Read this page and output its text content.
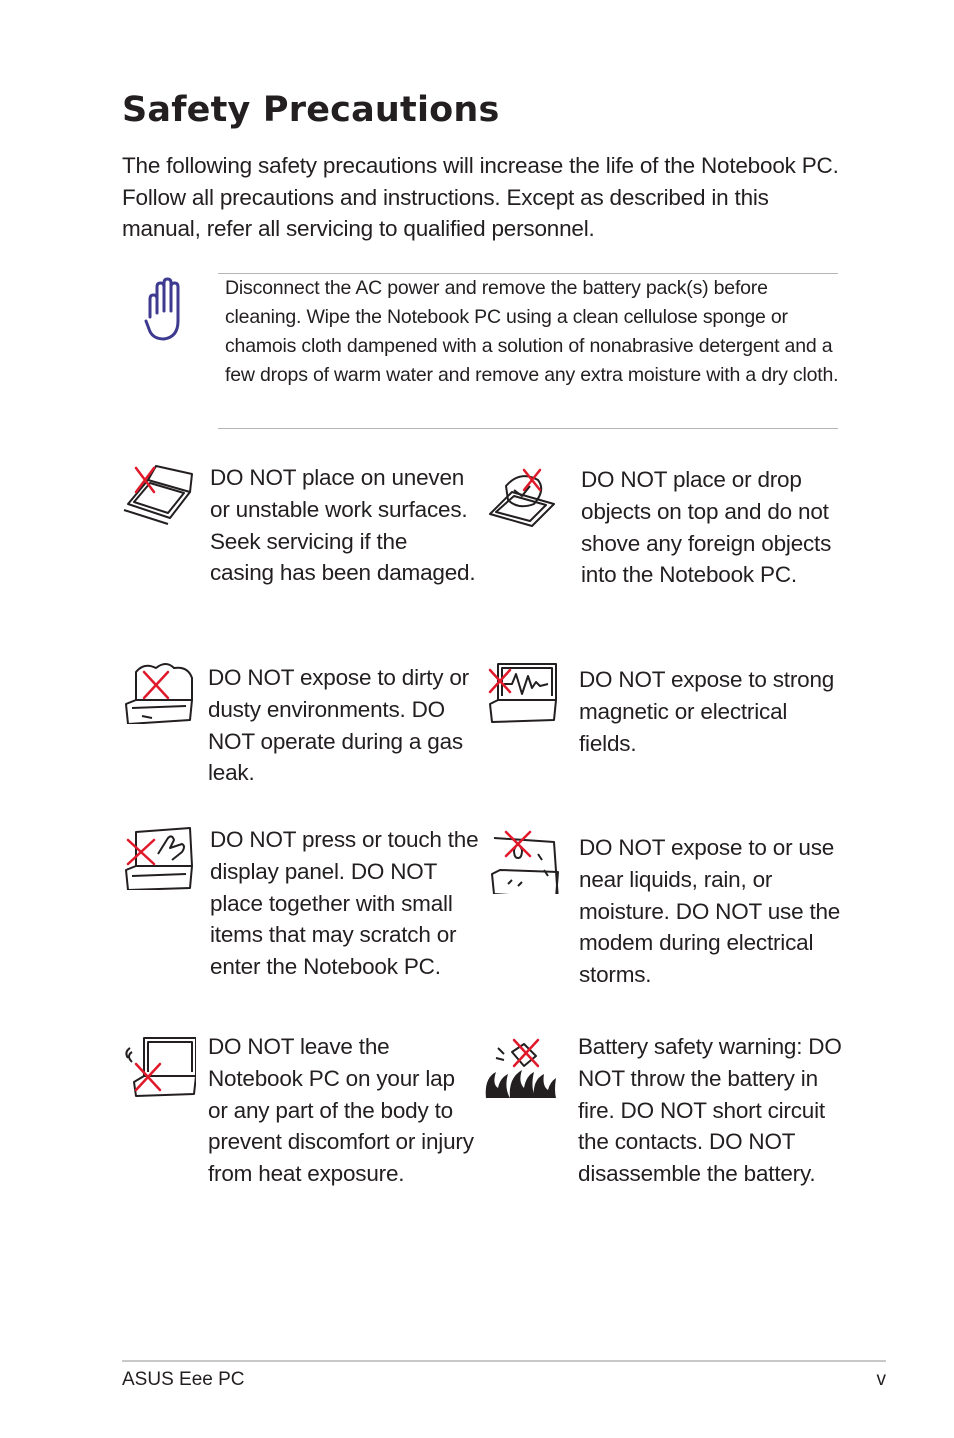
Safety Precautions

The following safety precautions will increase the life of the Notebook PC. Follow all precautions and instructions. Except as described in this manual, refer all servicing to qualified personnel.

Disconnect the AC power and remove the battery pack(s) before cleaning. Wipe the Notebook PC using a clean cellulose sponge or chamois cloth dampened with a solution of nonabrasive detergent and a few drops of warm water and remove any extra moisture with a dry cloth.

DO NOT place on uneven or unstable work surfaces. Seek servicing if the casing has been damaged.

DO NOT place or drop objects on top and do not shove any foreign objects into the Notebook PC.

DO NOT expose to dirty or dusty environments. DO NOT operate during a gas leak.

DO NOT expose to strong magnetic or electrical fields.

DO NOT press or touch the display panel. DO NOT place together with small items that may scratch or enter the Notebook PC.

DO NOT expose to or use near liquids, rain, or moisture. DO NOT use the modem during electrical storms.

DO NOT leave the Notebook PC on your lap or any part of the body to prevent discomfort or injury from heat exposure.

Battery safety warning: DO NOT throw the battery in fire. DO NOT short circuit the contacts. DO NOT disassemble the battery.

ASUS Eee PC	v
